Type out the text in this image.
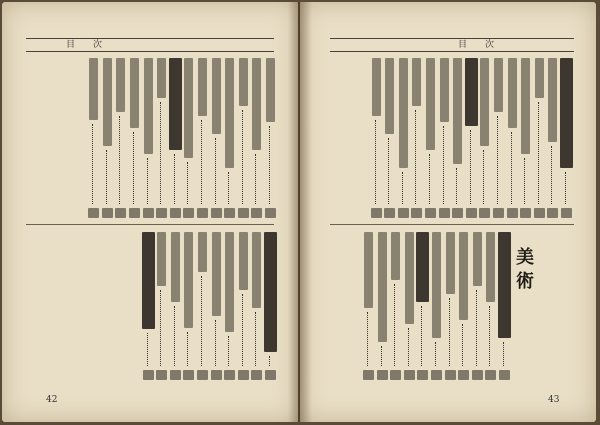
目次	目次
美術
42	43
